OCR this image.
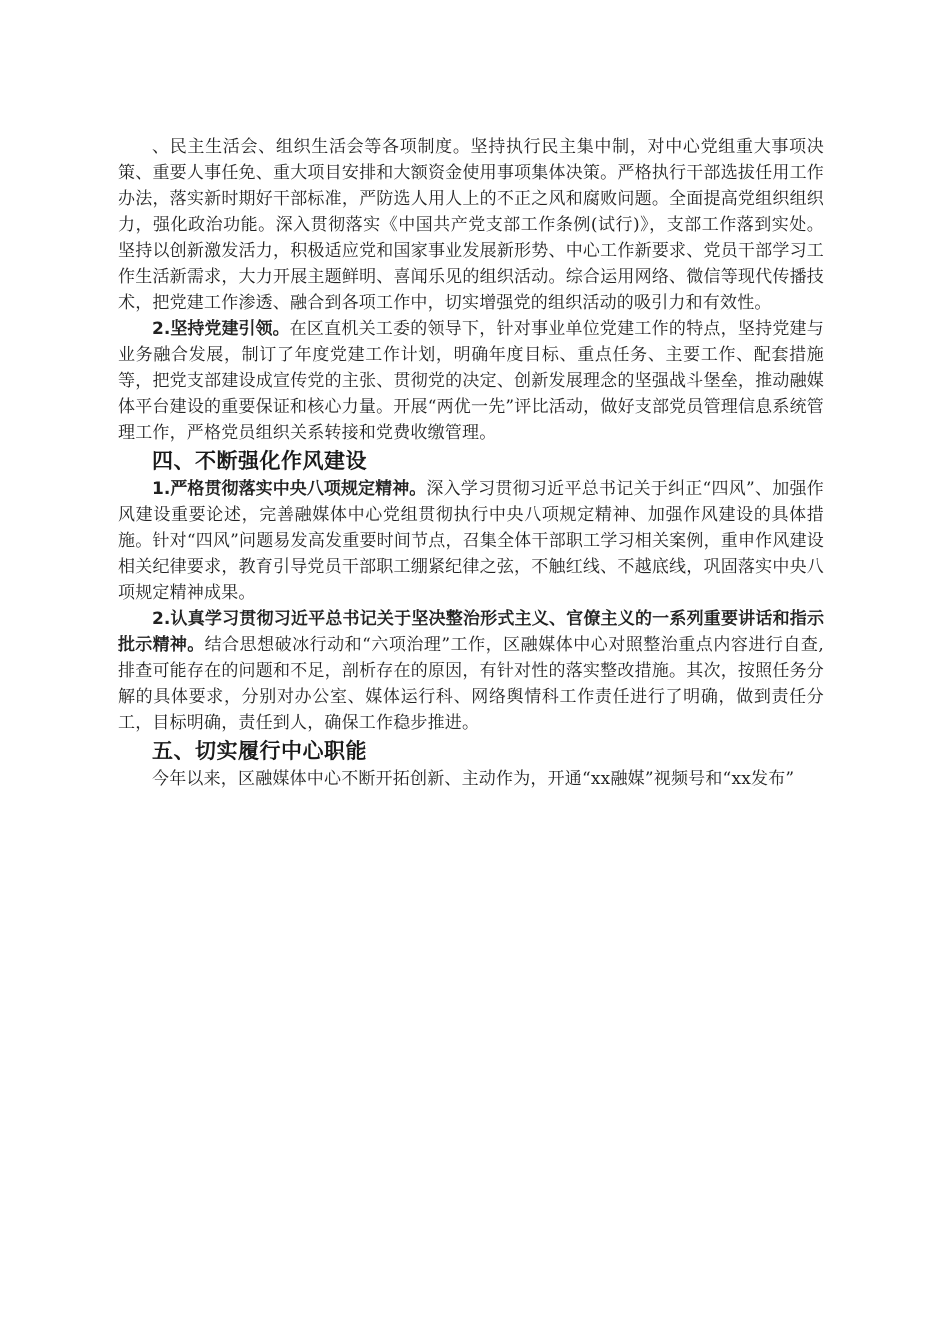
、民主生活会、组织生活会等各项制度。坚持执行民主集中制，对中心党组重大事项决策、重要人事任免、重大项目安排和大额资金使用事项集体决策。严格执行干部选拔任用工作办法，落实新时期好干部标准，严防选人用人上的不正之风和腐败问题。全面提高党组织组织力，强化政治功能。深入贯彻落实《中国共产党支部工作条例(试行)》，支部工作落到实处。坚持以创新激发活力，积极适应党和国家事业发展新形势、中心工作新要求、党员干部学习工作生活新需求，大力开展主题鲜明、喜闻乐见的组织活动。综合运用网络、微信等现代传播技术，把党建工作渗透、融合到各项工作中，切实增强党的组织活动的吸引力和有效性。

2.坚持党建引领。在区直机关工委的领导下，针对事业单位党建工作的特点，坚持党建与业务融合发展，制订了年度党建工作计划，明确年度目标、重点任务、主要工作、配套措施等，把党支部建设成宣传党的主张、贯彻党的决定、创新发展理念的坚强战斗堡垒，推动融媒体平台建设的重要保证和核心力量。开展“两优一先”评比活动，做好支部党员管理信息系统管理工作，严格党员组织关系转接和党费收缴管理。

四、不断强化作风建设

1.严格贯彻落实中央八项规定精神。深入学习贯彻习近平总书记关于纠正“四风”、加强作风建设重要论述，完善融媒体中心党组贯彻执行中央八项规定精神、加强作风建设的具体措施。针对“四风”问题易发高发重要时间节点，召集全体干部职工学习相关案例，重申作风建设相关纪律要求，教育引导党员干部职工绷紧纪律之弦，不触红线、不越底线，巩固落实中央八项规定精神成果。

2.认真学习贯彻习近平总书记关于坚决整治形式主义、官僚主义的一系列重要讲话和指示批示精神。结合思想破冰行动和“六项治理”工作，区融媒体中心对照整治重点内容进行自查,排查可能存在的问题和不足，剖析存在的原因，有针对性的落实整改措施。其次，按照任务分解的具体要求，分别对办公室、媒体运行科、网络舆情科工作责任进行了明确，做到责任分工，目标明确，责任到人，确保工作稳步推进。

五、切实履行中心职能

今年以来，区融媒体中心不断开拓创新、主动作为，开通“xx融媒”视频号和“xx发布”
